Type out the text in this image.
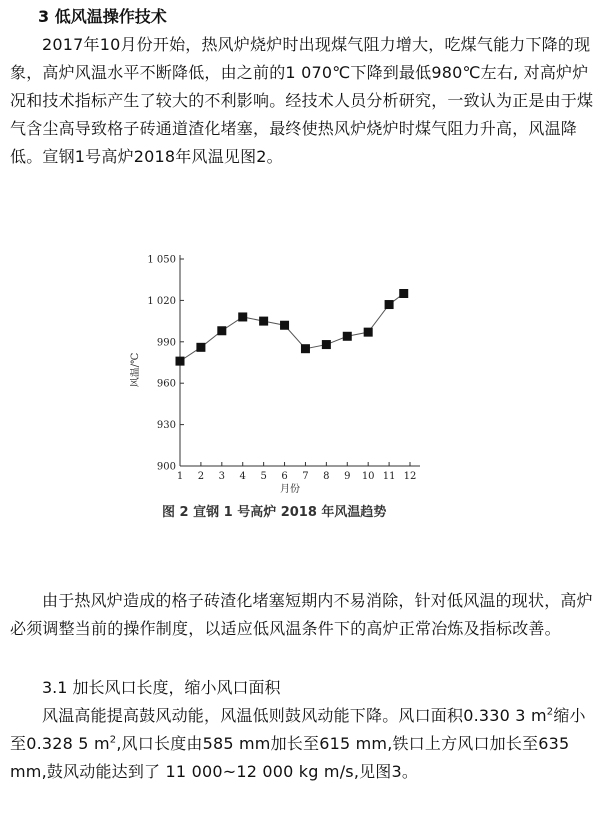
3 低风温操作技术

2017年10月份开始，热风炉烧炉时出现煤气阻力增大，吃煤气能力下降的现象，高炉风温水平不断降低，由之前的1 070℃下降到最低980℃左右, 对高炉炉况和技术指标产生了较大的不利影响。经技术人员分析研究，一致认为正是由于煤气含尘高导致格子砖通道渣化堵塞，最终使热风炉烧炉时煤气阻力升高，风温降低。宣钢1号高炉2018年风温见图2。

900
930
960
990
1 020
1 050
1 2 3 4 5 6 7 8 9 10 11 12
风温/℃
月份

图 2 宣钢 1 号高炉 2018 年风温趋势

由于热风炉造成的格子砖渣化堵塞短期内不易消除，针对低风温的现状，高炉必须调整当前的操作制度，以适应低风温条件下的高炉正常冶炼及指标改善。

3.1 加长风口长度，缩小风口面积

风温高能提高鼓风动能，风温低则鼓风动能下降。风口面积0.330 3 $m^2$缩小至0.328 5 $m^2$,风口长度由585 mm加长至615 mm,铁口上方风口加长至635 mm,鼓风动能达到了 11 000~12 000 kg m/s,见图3。
